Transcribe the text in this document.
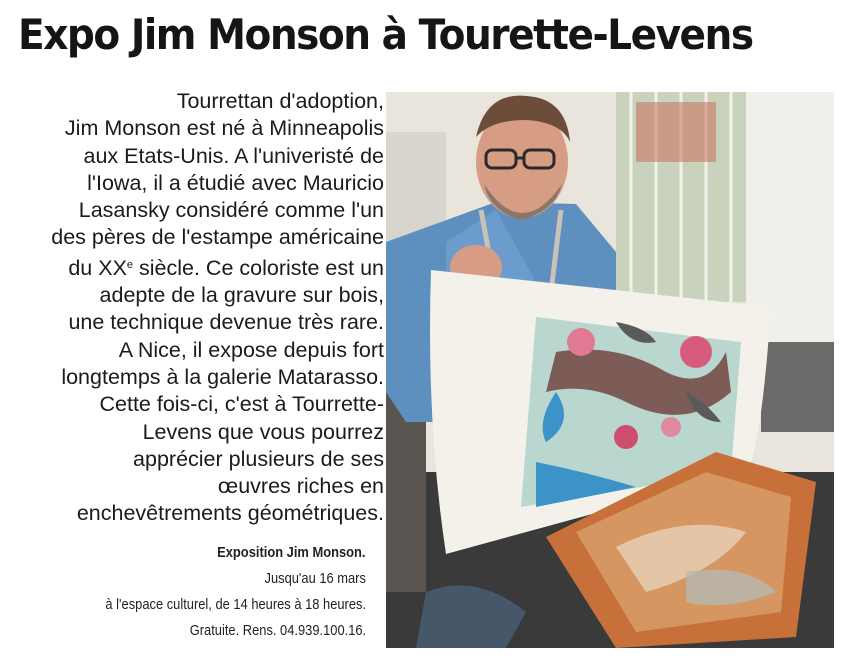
Expo Jim Monson à Tourette-Levens

Tourrettan d'adoption,

Jim Monson est né à Minneapolis

aux Etats-Unis. A l'univeristé de

l'Iowa, il a étudié avec Mauricio

Lasansky considéré comme l'un

des pères de l'estampe américaine

du XXe siècle. Ce coloriste est un

adepte de la gravure sur bois,

une technique devenue très rare.

A Nice, il expose depuis fort

longtemps à la galerie Matarasso.

Cette fois-ci, c'est à Tourrette-

Levens que vous pourrez

apprécier plusieurs de ses

œuvres riches en

enchevêtrements géométriques.

Exposition Jim Monson.
Jusqu'au 16 mars
à l'espace culturel, de 14 heures à 18 heures.
Gratuite. Rens. 04.939.100.16.
